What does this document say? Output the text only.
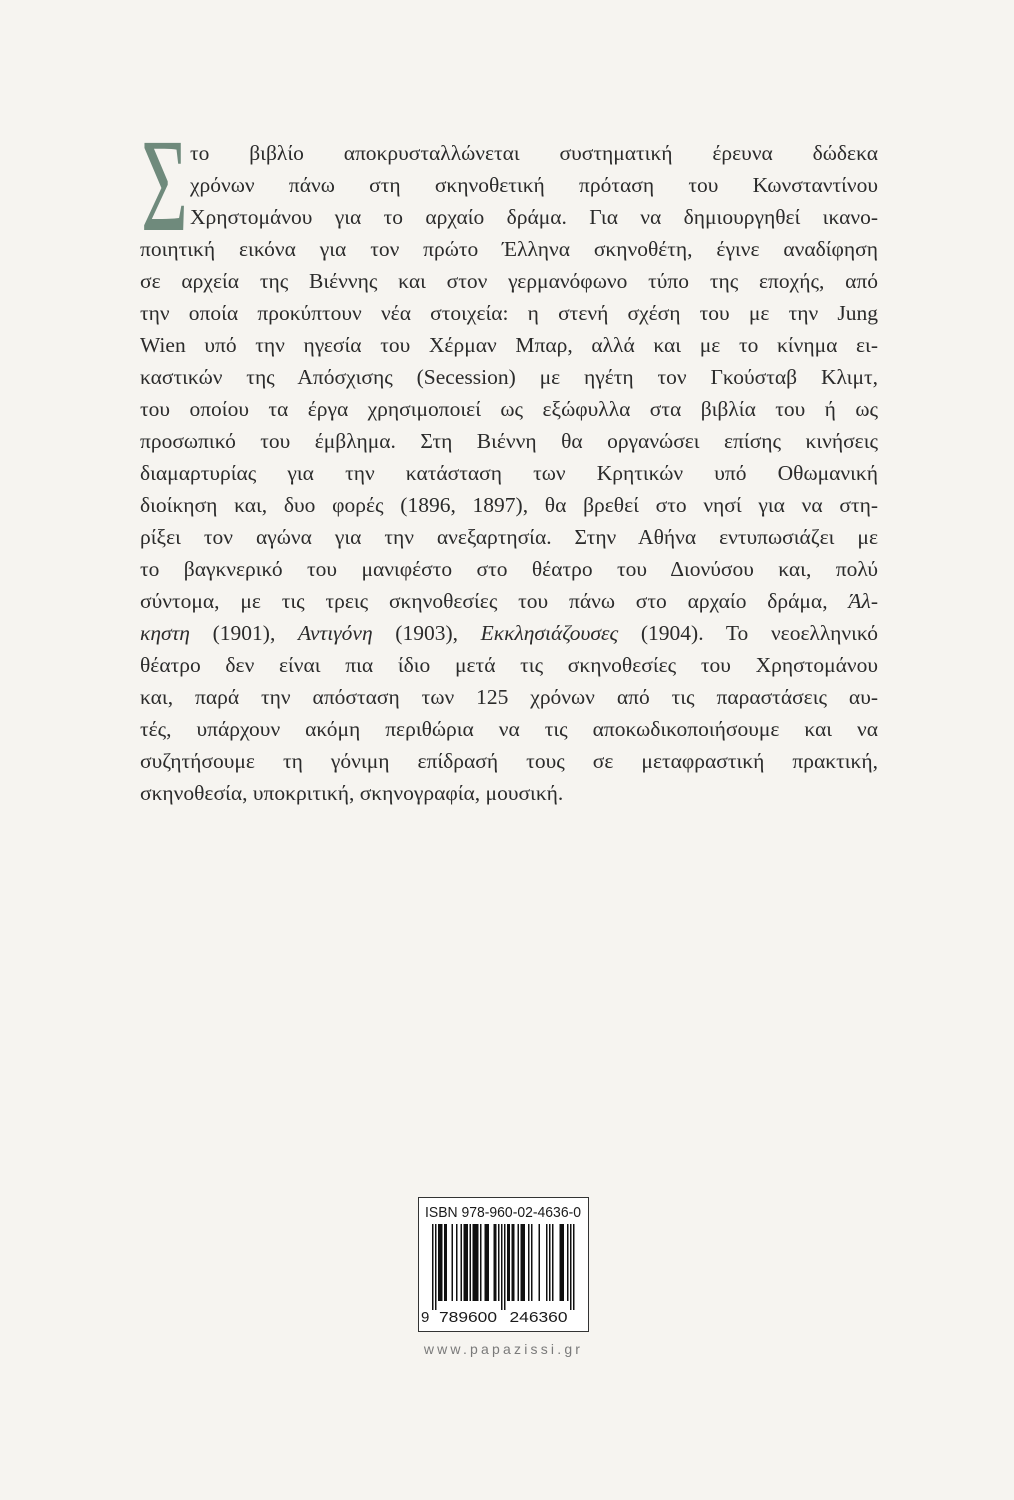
Σ το βιβλίο αποκρυσταλλώνεται συστηματική έρευνα δώδεκα
χρόνων πάνω στη σκηνοθετική πρόταση του Κωνσταντίνου
Χρηστομάνου για το αρχαίο δράμα. Για να δημιουργηθεί ικανο-
ποιητική εικόνα για τον πρώτο Έλληνα σκηνοθέτη, έγινε αναδίφηση
σε αρχεία της Βιέννης και στον γερμανόφωνο τύπο της εποχής, από
την οποία προκύπτουν νέα στοιχεία: η στενή σχέση του με την Jung
Wien υπό την ηγεσία του Χέρμαν Μπαρ, αλλά και με το κίνημα ει-
καστικών της Απόσχισης (Secession) με ηγέτη τον Γκούσταβ Κλιμτ,
του οποίου τα έργα χρησιμοποιεί ως εξώφυλλα στα βιβλία του ή ως
προσωπικό του έμβλημα. Στη Βιέννη θα οργανώσει επίσης κινήσεις
διαμαρτυρίας για την κατάσταση των Κρητικών υπό Οθωμανική
διοίκηση και, δυο φορές (1896, 1897), θα βρεθεί στο νησί για να στη-
ρίξει τον αγώνα για την ανεξαρτησία. Στην Αθήνα εντυπωσιάζει με
το βαγκνερικό του μανιφέστο στο θέατρο του Διονύσου και, πολύ
σύντομα, με τις τρεις σκηνοθεσίες του πάνω στο αρχαίο δράμα, Άλ-
κηστη (1901), Αντιγόνη (1903), Εκκλησιάζουσες (1904). Το νεοελληνικό
θέατρο δεν είναι πια ίδιο μετά τις σκηνοθεσίες του Χρηστομάνου
και, παρά την απόσταση των 125 χρόνων από τις παραστάσεις αυ-
τές, υπάρχουν ακόμη περιθώρια να τις αποκωδικοποιήσουμε και να
συζητήσουμε τη γόνιμη επίδρασή τους σε μεταφραστική πρακτική,
σκηνοθεσία, υποκριτική, σκηνογραφία, μουσική.
ISBN 978-960-02-4636-0
9 789600 246360
www.papazissi.gr
